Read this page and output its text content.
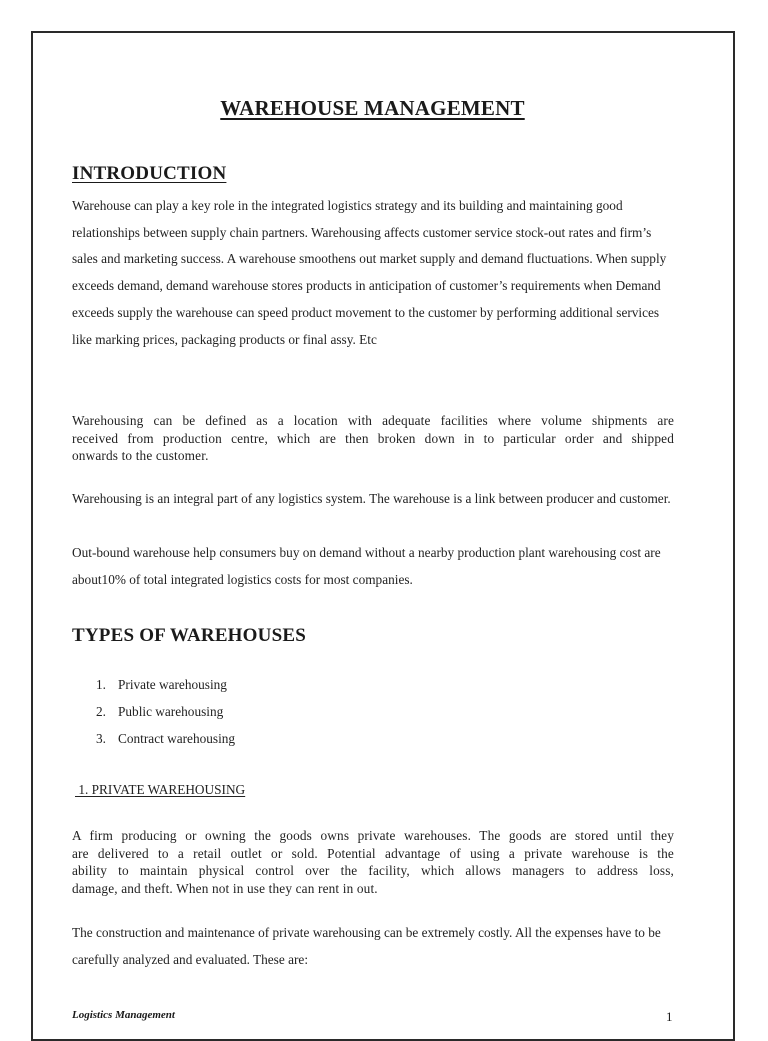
WAREHOUSE MANAGEMENT
INTRODUCTION

Warehouse can play a key role in the integrated logistics strategy and its building and maintaining good relationships between supply chain partners. Warehousing affects customer service stock-out rates and firm’s sales and marketing success. A warehouse smoothens out market supply and demand fluctuations. When supply exceeds demand, demand warehouse stores products in anticipation of customer’s requirements when Demand exceeds supply the warehouse can speed product movement to the customer by performing additional services like marking prices, packaging products or final assy. Etc

Warehousing can be defined as a location with adequate facilities where volume shipments are
received from production centre, which are then broken down in to particular order and shipped
onwards to the customer.

Warehousing is an integral part of any logistics system. The warehouse is a link between producer and customer.

Out-bound warehouse help consumers buy on demand without a nearby production plant warehousing cost are about10% of total integrated logistics costs for most companies.

TYPES OF WAREHOUSES
1. Private warehousing
2. Public warehousing
3. Contract warehousing
1. PRIVATE WAREHOUSING

A firm producing or owning the goods owns private warehouses. The goods are stored until they
are delivered to a retail outlet or sold. Potential advantage of using a private warehouse is the
ability to maintain physical control over the facility, which allows managers to address loss,
damage, and theft. When not in use they can rent in out.

The construction and maintenance of private warehousing can be extremely costly. All the expenses have to be carefully analyzed and evaluated. These are:

Logistics Management	1
